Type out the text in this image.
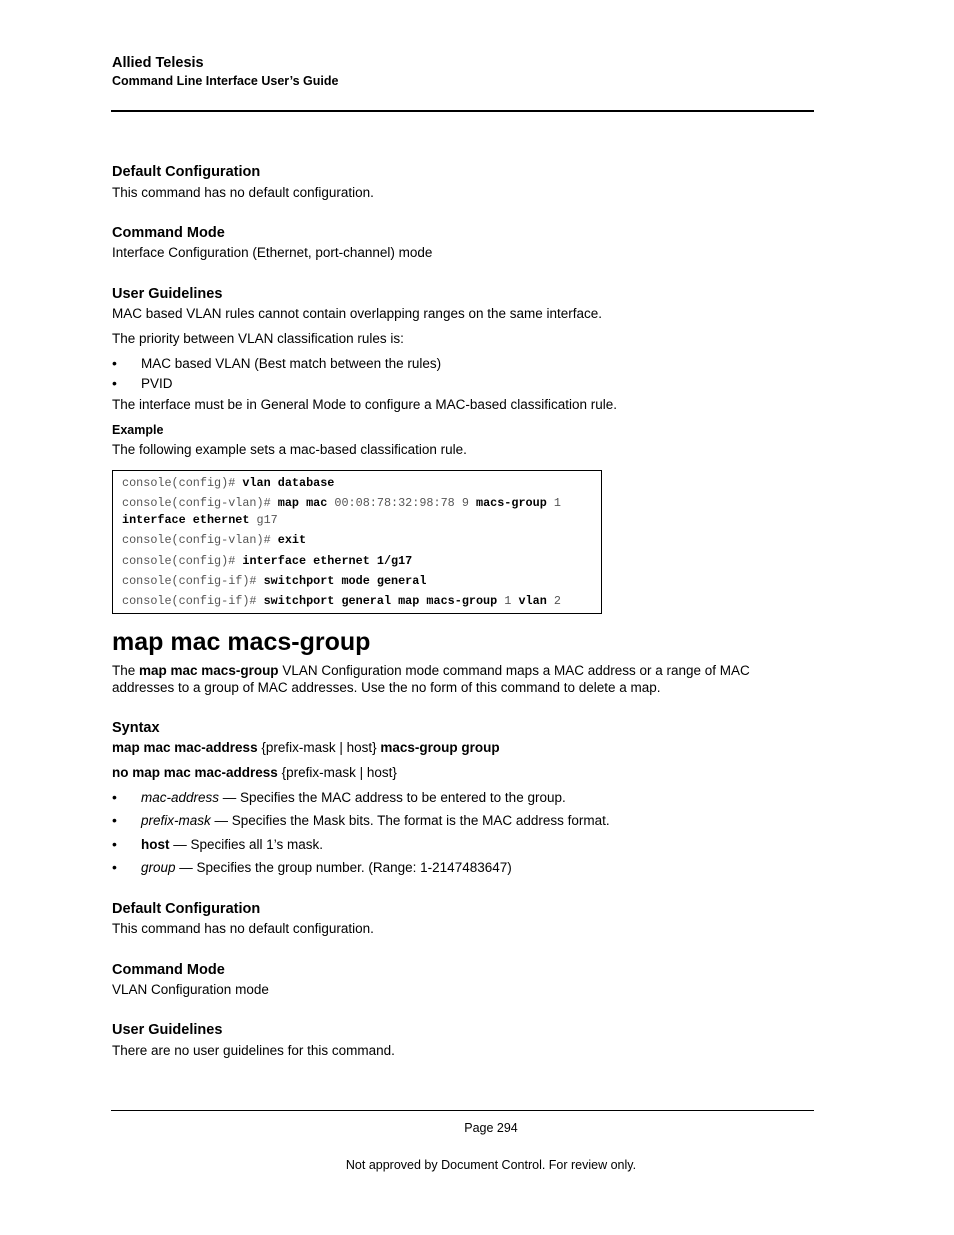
Allied Telesis
Command Line Interface User’s Guide
Default Configuration
This command has no default configuration.
Command Mode
Interface Configuration (Ethernet, port-channel) mode
User Guidelines
MAC based VLAN rules cannot contain overlapping ranges on the same interface.
The priority between VLAN classification rules is:
• MAC based VLAN (Best match between the rules)
• PVID
The interface must be in General Mode to configure a MAC-based classification rule.
Example
The following example sets a mac-based classification rule.
console(config)# vlan database
console(config-vlan)# map mac 00:08:78:32:98:78 9 macs-group 1
interface ethernet g17
console(config-vlan)# exit
console(config)# interface ethernet 1/g17
console(config-if)# switchport mode general
console(config-if)# switchport general map macs-group 1 vlan 2
map mac macs-group
The map mac macs-group VLAN Configuration mode command maps a MAC address or a range of MAC addresses to a group of MAC addresses. Use the no form of this command to delete a map.
Syntax
map mac mac-address {prefix-mask | host} macs-group group
no map mac mac-address {prefix-mask | host}
• mac-address — Specifies the MAC address to be entered to the group.
• prefix-mask — Specifies the Mask bits. The format is the MAC address format.
• host — Specifies all 1’s mask.
• group — Specifies the group number. (Range: 1-2147483647)
Default Configuration
This command has no default configuration.
Command Mode
VLAN Configuration mode
User Guidelines
There are no user guidelines for this command.
Page 294
Not approved by Document Control. For review only.
